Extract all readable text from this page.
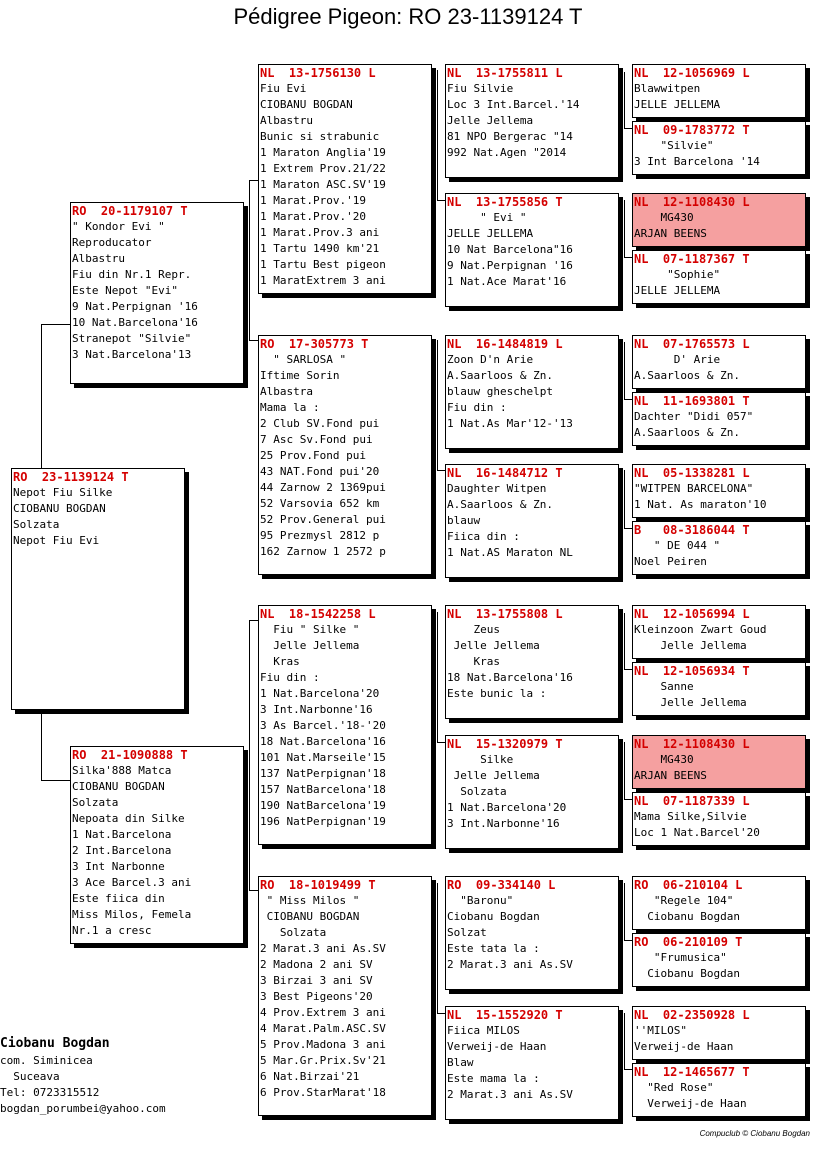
Pédigree Pigeon: RO 23-1139124 T
RO  23-1139124 T
Nepot Fiu Silke
CIOBANU BOGDAN
Solzata
Nepot Fiu Evi
RO  20-1179107 T
" Kondor Evi "
Reproducator
Albastru
Fiu din Nr.1 Repr.
Este Nepot "Evi"
9 Nat.Perpignan '16
10 Nat.Barcelona'16
Stranepot "Silvie"
3 Nat.Barcelona'13
RO  21-1090888 T
Silka'888 Matca
CIOBANU BOGDAN
Solzata
Nepoata din Silke
1 Nat.Barcelona
2 Int.Barcelona
3 Int Narbonne
3 Ace Barcel.3 ani
Este fiica din
Miss Milos, Femela
Nr.1 a cresc
NL  13-1756130 L
Fiu Evi
CIOBANU BOGDAN
Albastru
Bunic si strabunic
1 Maraton Anglia'19
1 Extrem Prov.21/22
1 Maraton ASC.SV'19
1 Marat.Prov.'19
1 Marat.Prov.'20
1 Marat.Prov.3 ani
1 Tartu 1490 km'21
1 Tartu Best pigeon
1 MaratExtrem 3 ani
RO  17-305773 T
" SARLOSA "
Iftime Sorin
Albastra
Mama la :
2 Club SV.Fond pui
7 Asc Sv.Fond pui
25 Prov.Fond pui
43 NAT.Fond pui'20
44 Zarnow 2 1369pui
52 Varsovia 652 km
52 Prov.General pui
95 Prezmysl 2812 p
162 Zarnow 1 2572 p
NL  18-1542258 L
Fiu " Silke "
Jelle Jellema
Kras
Fiu din :
1 Nat.Barcelona'20
3 Int.Narbonne'16
3 As Barcel.'18-'20
18 Nat.Barcelona'16
101 Nat.Marseile'15
137 NatPerpignan'18
157 NatBarcelona'18
190 NatBarcelona'19
196 NatPerpignan'19
RO  18-1019499 T
" Miss Milos "
CIOBANU BOGDAN
Solzata
2 Marat.3 ani As.SV
2 Madona 2 ani SV
3 Birzai 3 ani SV
3 Best Pigeons'20
4 Prov.Extrem 3 ani
4 Marat.Palm.ASC.SV
5 Prov.Madona 3 ani
5 Mar.Gr.Prix.Sv'21
6 Nat.Birzai'21
6 Prov.StarMarat'18
NL  13-1755811 L
Fiu Silvie
Loc 3 Int.Barcel.'14
Jelle Jellema
81 NPO Bergerac "14
992 Nat.Agen "2014
NL  13-1755856 T
" Evi "
JELLE JELLEMA
10 Nat Barcelona"16
9 Nat.Perpignan '16
1 Nat.Ace Marat'16
NL  16-1484819 L
Zoon D'n Arie
A.Saarloos & Zn.
blauw gheschelpt
Fiu din :
1 Nat.As Mar'12-'13
NL  16-1484712 T
Daughter Witpen
A.Saarloos & Zn.
blauw
Fiica din :
1 Nat.AS Maraton NL
NL  13-1755808 L
Zeus
Jelle Jellema
Kras
18 Nat.Barcelona'16
Este bunic la :
NL  15-1320979 T
Silke
Jelle Jellema
Solzata
1 Nat.Barcelona'20
3 Int.Narbonne'16
RO  09-334140 L
"Baronu"
Ciobanu Bogdan
Solzat
Este tata la :
2 Marat.3 ani As.SV
NL  15-1552920 T
Fiica MILOS
Verweij-de Haan
Blaw
Este mama la :
2 Marat.3 ani As.SV
NL  12-1056969 L
Blawwitpen
JELLE JELLEMA
NL  09-1783772 T
"Silvie"
3 Int Barcelona '14
NL  12-1108430 L
MG430
ARJAN BEENS
NL  07-1187367 T
"Sophie"
JELLE JELLEMA
NL  07-1765573 L
D' Arie
A.Saarloos & Zn.
NL  11-1693801 T
Dachter "Didi 057"
A.Saarloos & Zn.
NL  05-1338281 L
"WITPEN BARCELONA"
1 Nat. As maraton'10
B   08-3186044 T
" DE 044 "
Noel Peiren
NL  12-1056994 L
Kleinzoon Zwart Goud
Jelle Jellema
NL  12-1056934 T
Sanne
Jelle Jellema
NL  12-1108430 L
MG430
ARJAN BEENS
NL  07-1187339 L
Mama Silke,Silvie
Loc 1 Nat.Barcel'20
RO  06-210104 L
"Regele 104"
Ciobanu Bogdan
RO  06-210109 T
"Frumusica"
Ciobanu Bogdan
NL  02-2350928 L
''MILOS"
Verweij-de Haan
NL  12-1465677 T
"Red Rose"
Verweij-de Haan
Ciobanu Bogdan
com. Siminicea
Suceava
Tel: 0723315512
bogdan_porumbei@yahoo.com
Compuclub © Ciobanu Bogdan
